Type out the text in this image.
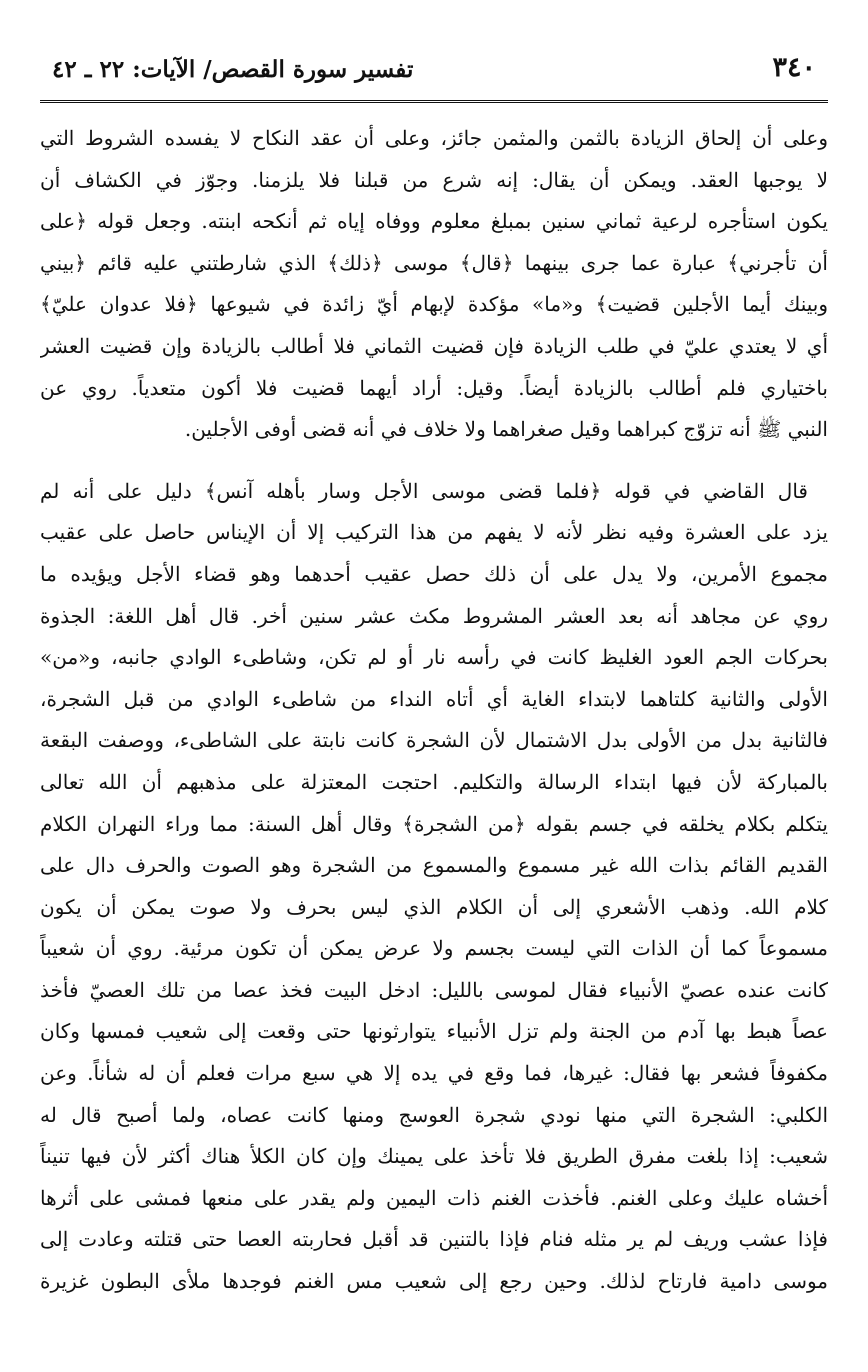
٣٤٠
تفسير سورة القصص/ الآيات: ٢٢ ـ ٤٢
وعلى أن إلحاق الزيادة بالثمن والمثمن جائز، وعلى أن عقد النكاح لا يفسده الشروط التي
لا يوجبها العقد. ويمكن أن يقال: إنه شرع من قبلنا فلا يلزمنا. وجوّز في الكشاف أن
يكون استأجره لرعية ثماني سنين بمبلغ معلوم ووفاه إياه ثم أنكحه ابنته. وجعل قوله ﴿على
أن تأجرني﴾ عبارة عما جرى بينهما ﴿قال﴾ موسى ﴿ذلك﴾ الذي شارطتني عليه قائم ﴿بيني
وبينك أيما الأجلين قضيت﴾ و«ما» مؤكدة لإبهام أيّ زائدة في شيوعها ﴿فلا عدوان عليّ﴾
أي لا يعتدي عليّ في طلب الزيادة فإن قضيت الثماني فلا أطالب بالزيادة وإن قضيت العشر
باختياري فلم أطالب بالزيادة أيضاً. وقيل: أراد أيهما قضيت فلا أكون متعدياً. روي عن
النبي ﷺ أنه تزوّج كبراهما وقيل صغراهما ولا خلاف في أنه قضى أوفى الأجلين.
قال القاضي في قوله ﴿فلما قضى موسى الأجل وسار بأهله آنس﴾ دليل على أنه لم
يزد على العشرة وفيه نظر لأنه لا يفهم من هذا التركيب إلا أن الإيناس حاصل على عقيب
مجموع الأمرين، ولا يدل على أن ذلك حصل عقيب أحدهما وهو قضاء الأجل ويؤيده ما
روي عن مجاهد أنه بعد العشر المشروط مكث عشر سنين أخر. قال أهل اللغة: الجذوة
بحركات الجم العود الغليظ كانت في رأسه نار أو لم تكن، وشاطىء الوادي جانبه، و«من»
الأولى والثانية كلتاهما لابتداء الغاية أي أتاه النداء من شاطىء الوادي من قبل الشجرة،
فالثانية بدل من الأولى بدل الاشتمال لأن الشجرة كانت نابتة على الشاطىء، ووصفت البقعة
بالمباركة لأن فيها ابتداء الرسالة والتكليم. احتجت المعتزلة على مذهبهم أن الله تعالى
يتكلم بكلام يخلقه في جسم بقوله ﴿من الشجرة﴾ وقال أهل السنة: مما وراء النهران الكلام
القديم القائم بذات الله غير مسموع والمسموع من الشجرة وهو الصوت والحرف دال على
كلام الله. وذهب الأشعري إلى أن الكلام الذي ليس بحرف ولا صوت يمكن أن يكون
مسموعاً كما أن الذات التي ليست بجسم ولا عرض يمكن أن تكون مرئية. روي أن شعيباً
كانت عنده عصيّ الأنبياء فقال لموسى بالليل: ادخل البيت فخذ عصا من تلك العصيّ فأخذ
عصاً هبط بها آدم من الجنة ولم تزل الأنبياء يتوارثونها حتى وقعت إلى شعيب فمسها وكان
مكفوفاً فشعر بها فقال: غيرها، فما وقع في يده إلا هي سبع مرات فعلم أن له شأناً. وعن
الكلبي: الشجرة التي منها نودي شجرة العوسج ومنها كانت عصاه، ولما أصبح قال له
شعيب: إذا بلغت مفرق الطريق فلا تأخذ على يمينك وإن كان الكلأ هناك أكثر لأن فيها تنيناً
أخشاه عليك وعلى الغنم. فأخذت الغنم ذات اليمين ولم يقدر على منعها فمشى على أثرها
فإذا عشب وريف لم ير مثله فنام فإذا بالتنين قد أقبل فحاربته العصا حتى قتلته وعادت إلى
موسى دامية فارتاح لذلك. وحين رجع إلى شعيب مس الغنم فوجدها ملأى البطون غزيرة
